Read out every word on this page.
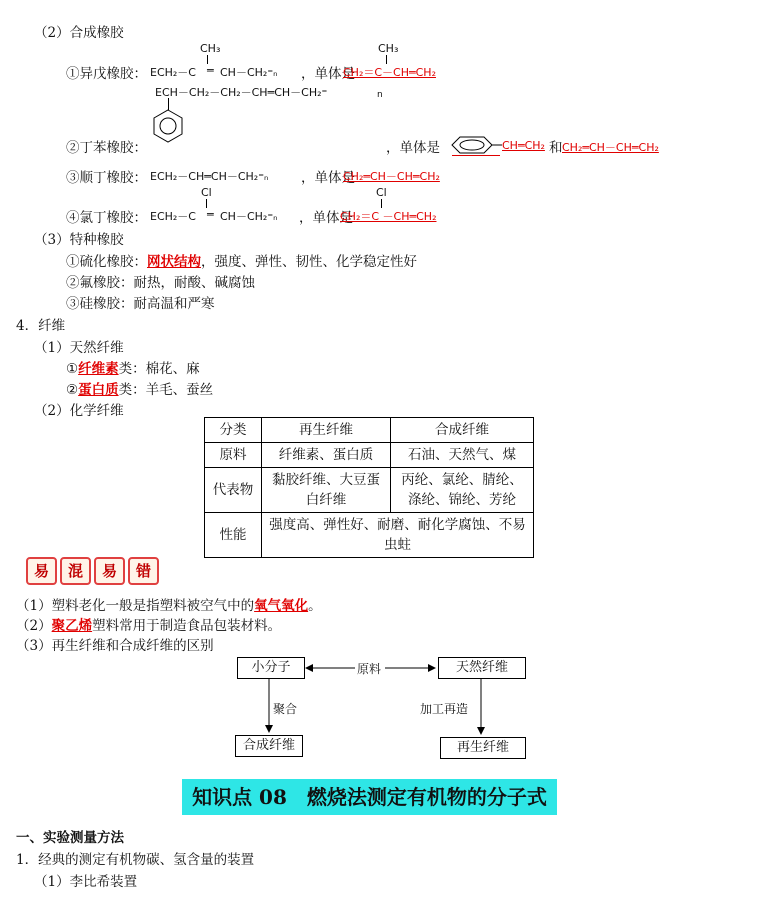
（2）合成橡胶
CH₃
①异戊橡胶： ECH₂－C ═ CH－CH₂⁼ₙ ，单体是
CH₃
CH₂＝C－CH═CH₂
ECH－CH₂－CH₂－CH═CH－CH₂⁼	n
②丁苯橡胶：	，单体是	CH═CH₂ 和 CH₂═CH－CH═CH₂
③顺丁橡胶： ECH₂－CH═CH－CH₂⁼ₙ ，单体是
CH₂═CH－CH═CH₂
Cl
④氯丁橡胶： ECH₂－C ═ CH－CH₂⁼ₙ ，单体是
Cl
CH₂＝C －CH═CH₂
（3）特种橡胶
①硫化橡胶：网状结构，强度、弹性、韧性、化学稳定性好
②氟橡胶：耐热，耐酸、碱腐蚀
③硅橡胶：耐高温和严寒
4．纤维
（1）天然纤维
①纤维素类：棉花、麻
②蛋白质类：羊毛、蚕丝
（2）化学纤维
分类	再生纤维	合成纤维
原料	纤维素、蛋白质	石油、天然气、煤
代表物	黏胶纤维、大豆蛋白纤维	丙纶、氯纶、腈纶、涤纶、锦纶、芳纶
性能	强度高、弹性好、耐磨、耐化学腐蚀、不易虫蛀	
易	混	易	错
（1）塑料老化一般是指塑料被空气中的氧气氧化。
（2）聚乙烯塑料常用于制造食品包装材料。
（3）再生纤维和合成纤维的区别
小分子	天然纤维
合成纤维	再生纤维
原料
聚合	加工再造
知识点 08　燃烧法测定有机物的分子式
一、实验测量方法
1．经典的测定有机物碳、氢含量的装置
（1）李比希装置
